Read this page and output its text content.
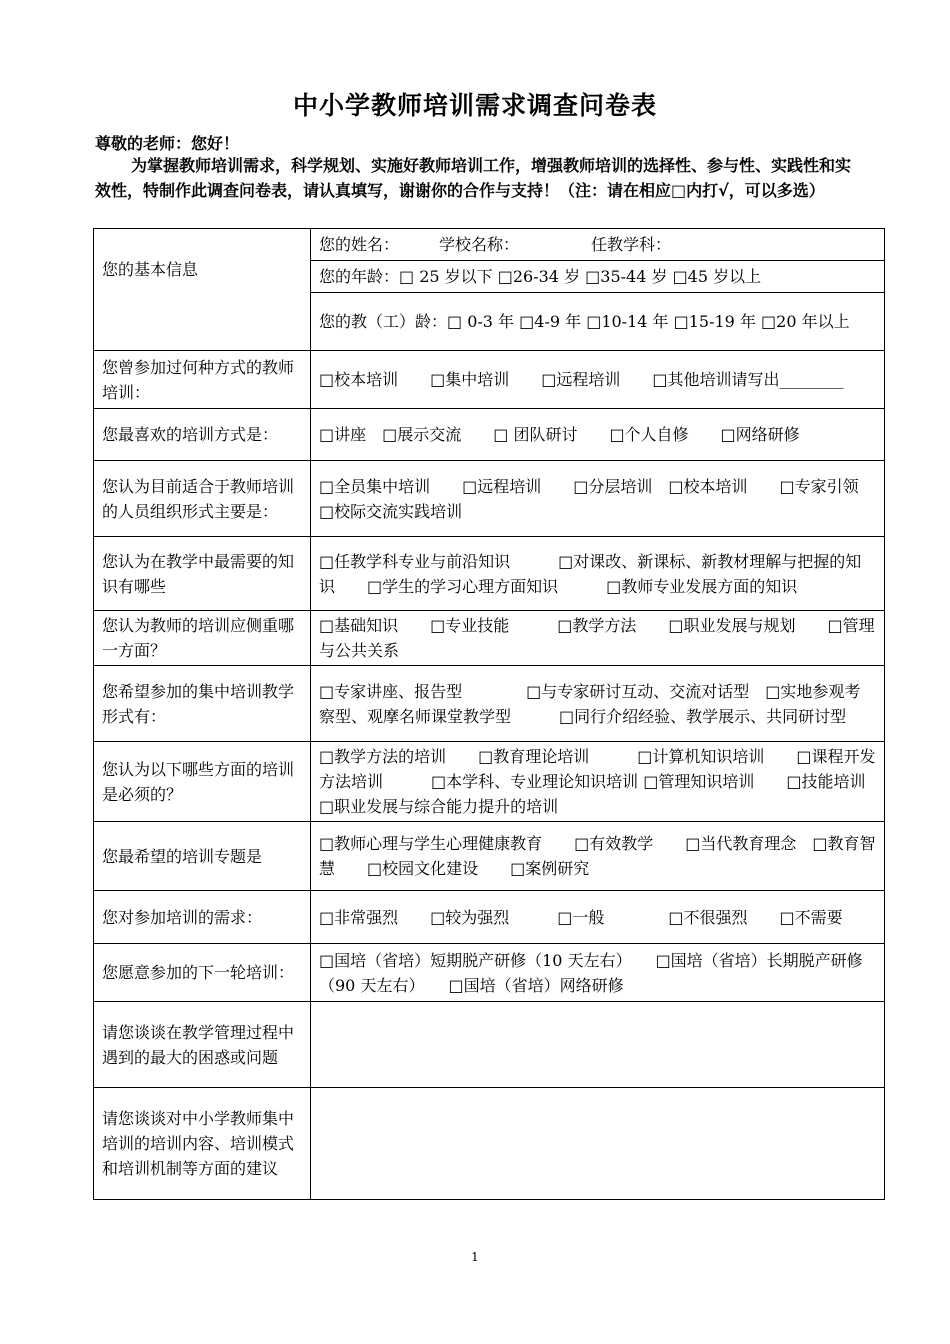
中小学教师培训需求调查问卷表
尊敬的老师：您好！
为掌握教师培训需求，科学规划、实施好教师培训工作，增强教师培训的选择性、参与性、实践性和实效性，特制作此调查问卷表，请认真填写，谢谢你的合作与支持！（注：请在相应□内打√，可以多选）
您的基本信息	您的姓名：　　　学校名称：　　　　　任教学科：
	您的年龄：□ 25 岁以下 □26-34 岁 □35-44 岁 □45 岁以上
	您的教（工）龄：□ 0-3 年 □4-9 年 □10-14 年 □15-19 年 □20 年以上
您曾参加过何种方式的教师培训：	□校本培训　　□集中培训　　□远程培训　　□其他培训请写出________
您最喜欢的培训方式是：	□讲座　□展示交流　　□ 团队研讨　　□个人自修　　□网络研修
您认为目前适合于教师培训的人员组织形式主要是：	□全员集中培训　　□远程培训　　□分层培训　□校本培训　　□专家引领　　□校际交流实践培训
您认为在教学中最需要的知识有哪些	□任教学科专业与前沿知识　　　□对课改、新课标、新教材理解与把握的知识　　□学生的学习心理方面知识　　　□教师专业发展方面的知识
您认为教师的培训应侧重哪一方面？	□基础知识　　□专业技能　　　□教学方法　　□职业发展与规划　　□管理与公共关系
您希望参加的集中培训教学形式有：	□专家讲座、报告型　　　　□与专家研讨互动、交流对话型　□实地参观考察型、观摩名师课堂教学型　　　□同行介绍经验、教学展示、共同研讨型
您认为以下哪些方面的培训是必须的？	□教学方法的培训　　□教育理论培训　　　□计算机知识培训　　□课程开发方法培训　　　□本学科、专业理论知识培训 □管理知识培训　　□技能培训　　□职业发展与综合能力提升的培训
您最希望的培训专题是	□教师心理与学生心理健康教育　　□有效教学　　□当代教育理念　□教育智慧　　□校园文化建设　　□案例研究
您对参加培训的需求：	□非常强烈　　□较为强烈　　　□一般　　　　□不很强烈　　□不需要
您愿意参加的下一轮培训：	□国培（省培）短期脱产研修（10 天左右）　　□国培（省培）长期脱产研修（90 天左右）　　□国培（省培）网络研修
请您谈谈在教学管理过程中遇到的最大的困惑或问题	
请您谈谈对中小学教师集中培训的培训内容、培训模式和培训机制等方面的建议	
1
